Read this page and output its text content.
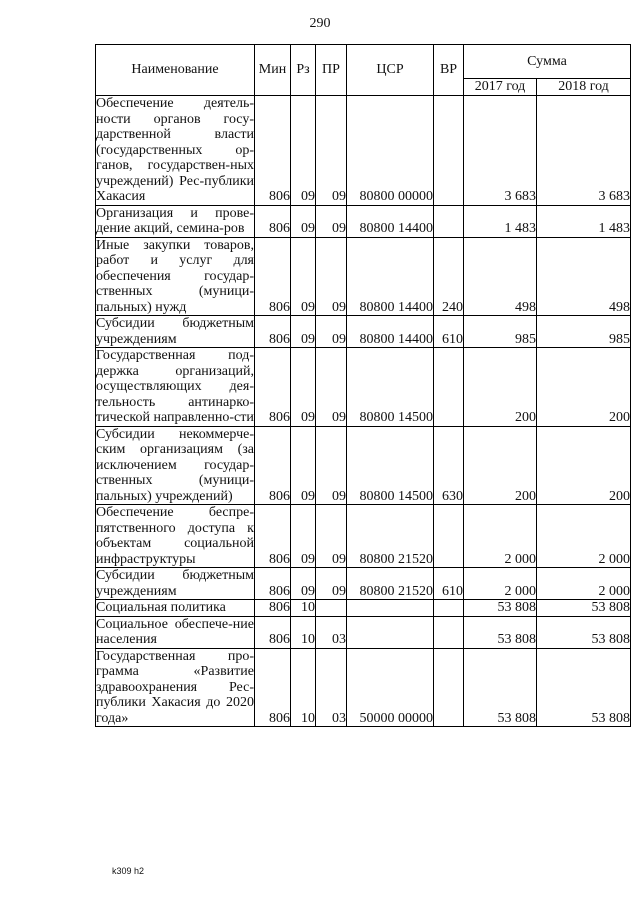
290
Наименование	Мин	Рз	ПР	ЦСР	ВР	Сумма	
						2017 год	2018 год
Обеспечение деятель-ности органов госу-дарственной власти (государственных ор-ганов, государствен-ных учреждений) Рес-публики Хакасия	806	09	09	80800 00000		3 683	3 683
Организация и прове-дение акций, семина-ров	806	09	09	80800 14400		1 483	1 483
Иные закупки товаров, работ и услуг для обеспечения государ-ственных (муници-пальных) нужд	806	09	09	80800 14400	240	498	498
Субсидии бюджетным учреждениям	806	09	09	80800 14400	610	985	985
Государственная под-держка организаций, осуществляющих дея-тельность антинарко-тической направленно-сти	806	09	09	80800 14500		200	200
Субсидии некоммерче-ским организациям (за исключением государ-ственных (муници-пальных) учреждений)	806	09	09	80800 14500	630	200	200
Обеспечение беспре-пятственного доступа к объектам социальной инфраструктуры	806	09	09	80800 21520		2 000	2 000
Субсидии бюджетным учреждениям	806	09	09	80800 21520	610	2 000	2 000
Социальная политика	806	10				53 808	53 808
Социальное обеспече-ние населения	806	10	03			53 808	53 808
Государственная про-грамма «Развитие здравоохранения Рес-публики Хакасия до 2020 года»	806	10	03	50000 00000		53 808	53 808
k309 h2
